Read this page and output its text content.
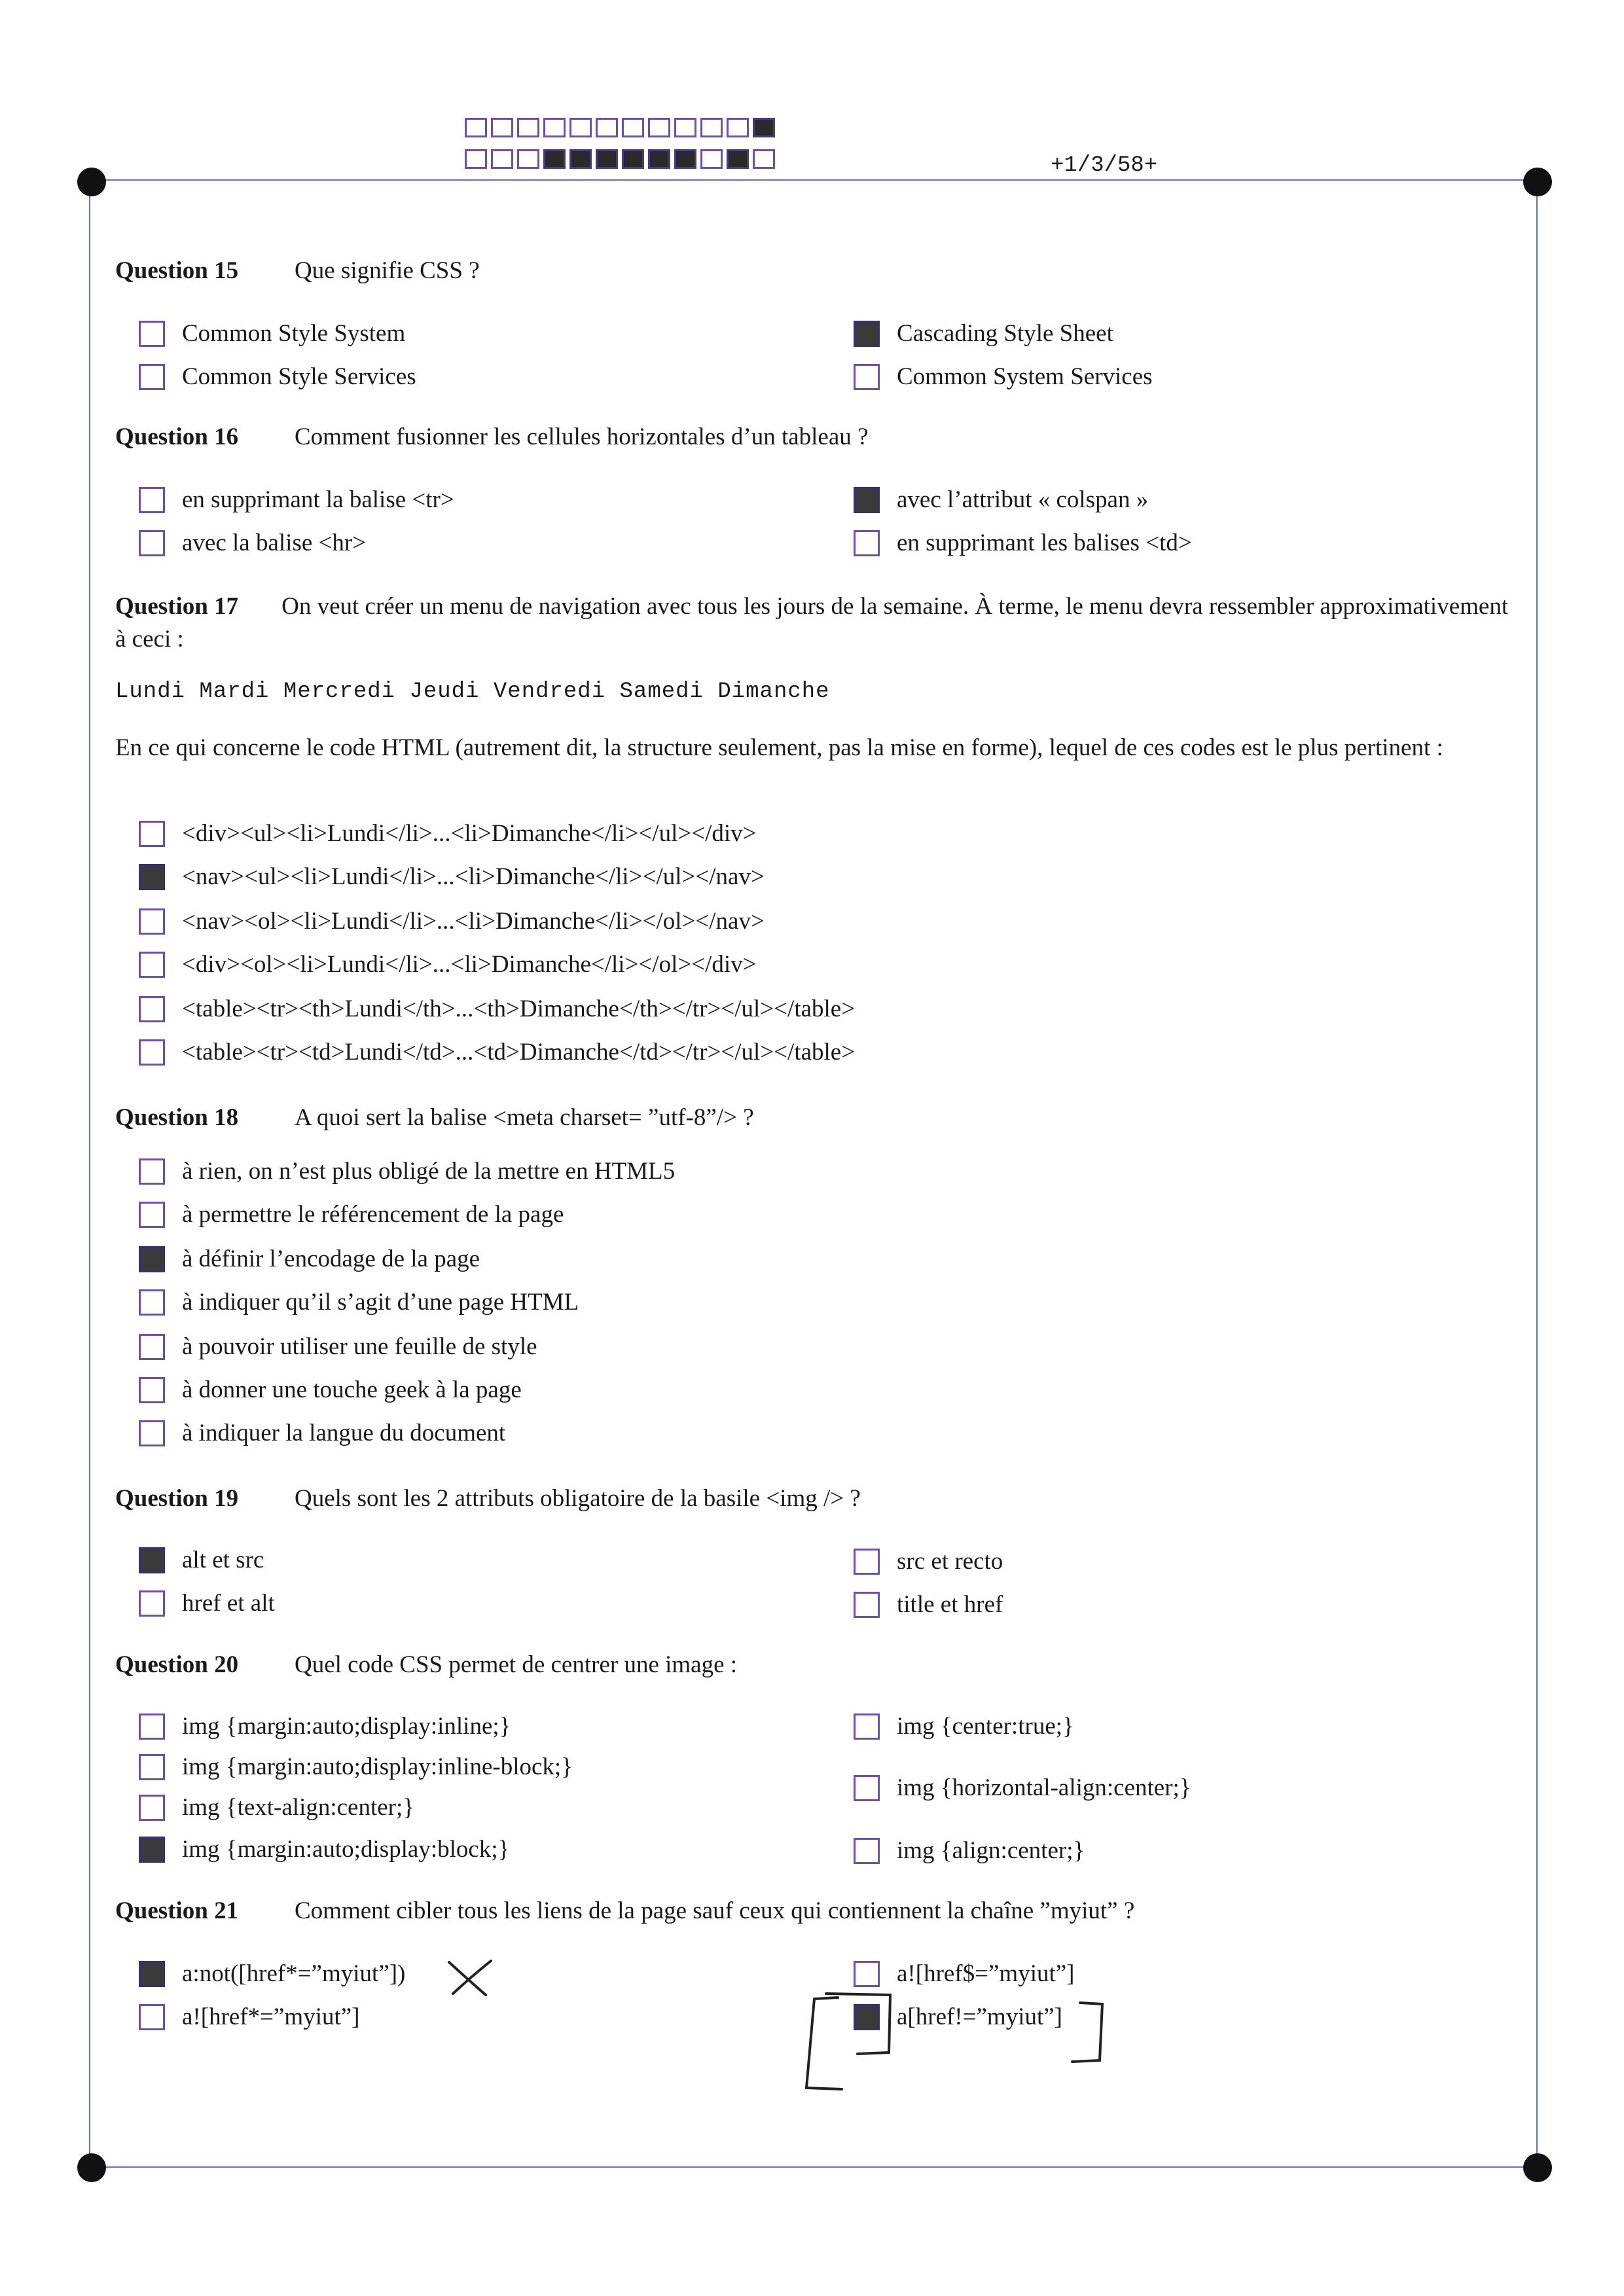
+1/3/58+
Question 15 Que signifie CSS ?
Common Style System
Common Style Services
Cascading Style Sheet
Common System Services
Question 16 Comment fusionner les cellules horizontales d’un tableau ?
en supprimant la balise <tr>
avec la balise <hr>
avec l’attribut « colspan »
en supprimant les balises <td>
Question 17 On veut créer un menu de navigation avec tous les jours de la semaine. À terme, le menu devra ressembler approximativement à ceci :
Lundi Mardi Mercredi Jeudi Vendredi Samedi Dimanche
En ce qui concerne le code HTML (autrement dit, la structure seulement, pas la mise en forme), lequel de ces codes est le plus pertinent :
<div><ul><li>Lundi</li>...<li>Dimanche</li></ul></div>
<nav><ul><li>Lundi</li>...<li>Dimanche</li></ul></nav>
<nav><ol><li>Lundi</li>...<li>Dimanche</li></ol></nav>
<div><ol><li>Lundi</li>...<li>Dimanche</li></ol></div>
<table><tr><th>Lundi</th>...<th>Dimanche</th></tr></ul></table>
<table><tr><td>Lundi</td>...<td>Dimanche</td></tr></ul></table>
Question 18 A quoi sert la balise <meta charset= ”utf-8”/> ?
à rien, on n’est plus obligé de la mettre en HTML5
à permettre le référencement de la page
à définir l’encodage de la page
à indiquer qu’il s’agit d’une page HTML
à pouvoir utiliser une feuille de style
à donner une touche geek à la page
à indiquer la langue du document
Question 19 Quels sont les 2 attributs obligatoire de la basile <img /> ?
alt et src
href et alt
src et recto
title et href
Question 20 Quel code CSS permet de centrer une image :
img {margin:auto;display:inline;}
img {margin:auto;display:inline-block;}
img {text-align:center;}
img {margin:auto;display:block;}
img {center:true;}
img {horizontal-align:center;}
img {align:center;}
Question 21 Comment cibler tous les liens de la page sauf ceux qui contiennent la chaîne ”myiut” ?
a:not([href*=”myiut”])
a![href*=”myiut”]
a![href$=”myiut”]
a[href!=”myiut”]
